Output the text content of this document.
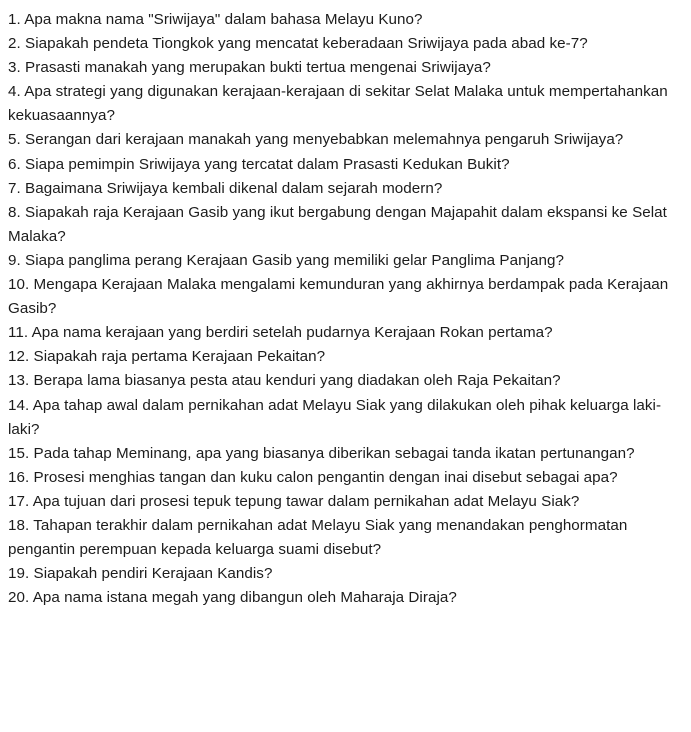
1. Apa makna nama "Sriwijaya" dalam bahasa Melayu Kuno?
2. Siapakah pendeta Tiongkok yang mencatat keberadaan Sriwijaya pada abad ke-7?
3. Prasasti manakah yang merupakan bukti tertua mengenai Sriwijaya?
4. Apa strategi yang digunakan kerajaan-kerajaan di sekitar Selat Malaka untuk mempertahankan kekuasaannya?
5. Serangan dari kerajaan manakah yang menyebabkan melemahnya pengaruh Sriwijaya?
6. Siapa pemimpin Sriwijaya yang tercatat dalam Prasasti Kedukan Bukit?
7. Bagaimana Sriwijaya kembali dikenal dalam sejarah modern?
8. Siapakah raja Kerajaan Gasib yang ikut bergabung dengan Majapahit dalam ekspansi ke Selat Malaka?
9. Siapa panglima perang Kerajaan Gasib yang memiliki gelar Panglima Panjang?
10. Mengapa Kerajaan Malaka mengalami kemunduran yang akhirnya berdampak pada Kerajaan Gasib?
11. Apa nama kerajaan yang berdiri setelah pudarnya Kerajaan Rokan pertama?
12. Siapakah raja pertama Kerajaan Pekaitan?
13. Berapa lama biasanya pesta atau kenduri yang diadakan oleh Raja Pekaitan?
14. Apa tahap awal dalam pernikahan adat Melayu Siak yang dilakukan oleh pihak keluarga laki-laki?
15. Pada tahap Meminang, apa yang biasanya diberikan sebagai tanda ikatan pertunangan?
16. Prosesi menghias tangan dan kuku calon pengantin dengan inai disebut sebagai apa?
17. Apa tujuan dari prosesi tepuk tepung tawar dalam pernikahan adat Melayu Siak?
18. Tahapan terakhir dalam pernikahan adat Melayu Siak yang menandakan penghormatan pengantin perempuan kepada keluarga suami disebut?
19. Siapakah pendiri Kerajaan Kandis?
20. Apa nama istana megah yang dibangun oleh Maharaja Diraja?
